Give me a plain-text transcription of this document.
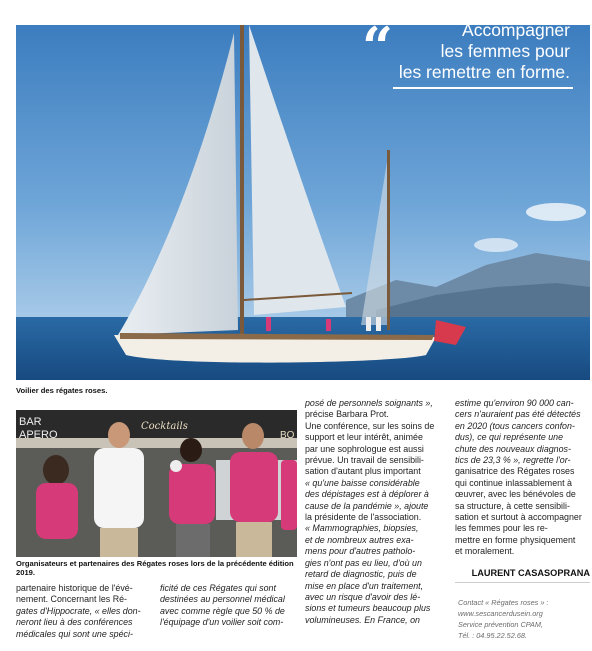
“	Accompagner
les femmes pour
les remettre en forme.
Voilier des régates roses.
BAR
APERO
Cocktails
BO
Organisateurs et partenaires des Régates roses lors de la précédente édition
2019.

partenaire historique de l'évé-

nement. Concernant les Ré-

gates d'Hippocrate, « elles don-

neront lieu à des conférences

médicales qui sont une spéci-

ficité de ces Régates qui sont

destinées au personnel médical

avec comme règle que 50 % de

l'équipage d'un voilier soit com-

posé de personnels soignants »,

précise Barbara Prot.

Une conférence, sur les soins de

support et leur intérêt, animée

par une sophrologue est aussi

prévue. Un travail de sensibili-

sation d'autant plus important

« qu'une baisse considérable

des dépistages est à déplorer à

cause de la pandémie », ajoute

la présidente de l'association.

« Mammographies, biopsies,

et de nombreux autres exa-

mens pour d'autres patholo-

gies n'ont pas eu lieu, d'où un

retard de diagnostic, puis de

mise en place d'un traitement,

avec un risque d'avoir des lé-

sions et tumeurs beaucoup plus

volumineuses. En France, on

estime qu'environ 90 000 can-

cers n'auraient pas été détectés

en 2020 (tous cancers confon-

dus), ce qui représente une

chute des nouveaux diagnos-

tics de 23,3 % », regrette l'or-

ganisatrice des Régates roses

qui continue inlassablement à

œuvrer, avec les bénévoles de

sa structure, à cette sensibili-

sation et surtout à accompagner

les femmes pour les re-

mettre en forme physiquement

et moralement.

LAURENT CASASOPRANA
Contact « Régates roses » :
www.sescancerdusein.org
Service prévention CPAM,
Tél. : 04.95.22.52.68.
